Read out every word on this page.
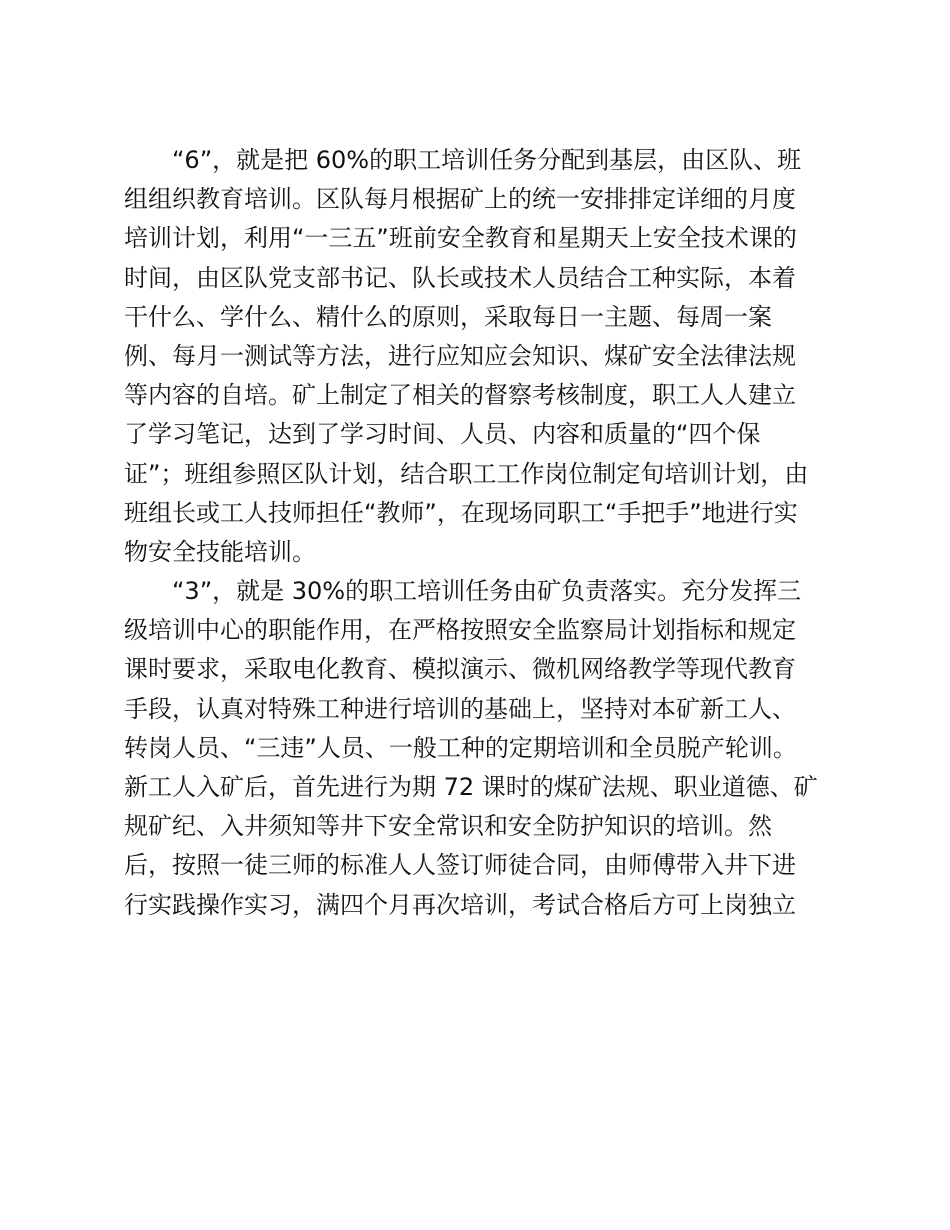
“6”，就是把 60%的职工培训任务分配到基层，由区队、班
组组织教育培训。区队每月根据矿上的统一安排排定详细的月度
培训计划，利用“一三五”班前安全教育和星期天上安全技术课的
时间，由区队党支部书记、队长或技术人员结合工种实际，本着
干什么、学什么、精什么的原则，采取每日一主题、每周一案
例、每月一测试等方法，进行应知应会知识、煤矿安全法律法规
等内容的自培。矿上制定了相关的督察考核制度，职工人人建立
了学习笔记，达到了学习时间、人员、内容和质量的“四个保
证”；班组参照区队计划，结合职工工作岗位制定旬培训计划，由
班组长或工人技师担任“教师”，在现场同职工“手把手”地进行实
物安全技能培训。
“3”，就是 30%的职工培训任务由矿负责落实。充分发挥三
级培训中心的职能作用，在严格按照安全监察局计划指标和规定
课时要求，采取电化教育、模拟演示、微机网络教学等现代教育
手段，认真对特殊工种进行培训的基础上，坚持对本矿新工人、
转岗人员、“三违”人员、一般工种的定期培训和全员脱产轮训。
新工人入矿后，首先进行为期 72 课时的煤矿法规、职业道德、矿
规矿纪、入井须知等井下安全常识和安全防护知识的培训。然
后，按照一徒三师的标准人人签订师徒合同，由师傅带入井下进
行实践操作实习，满四个月再次培训，考试合格后方可上岗独立
